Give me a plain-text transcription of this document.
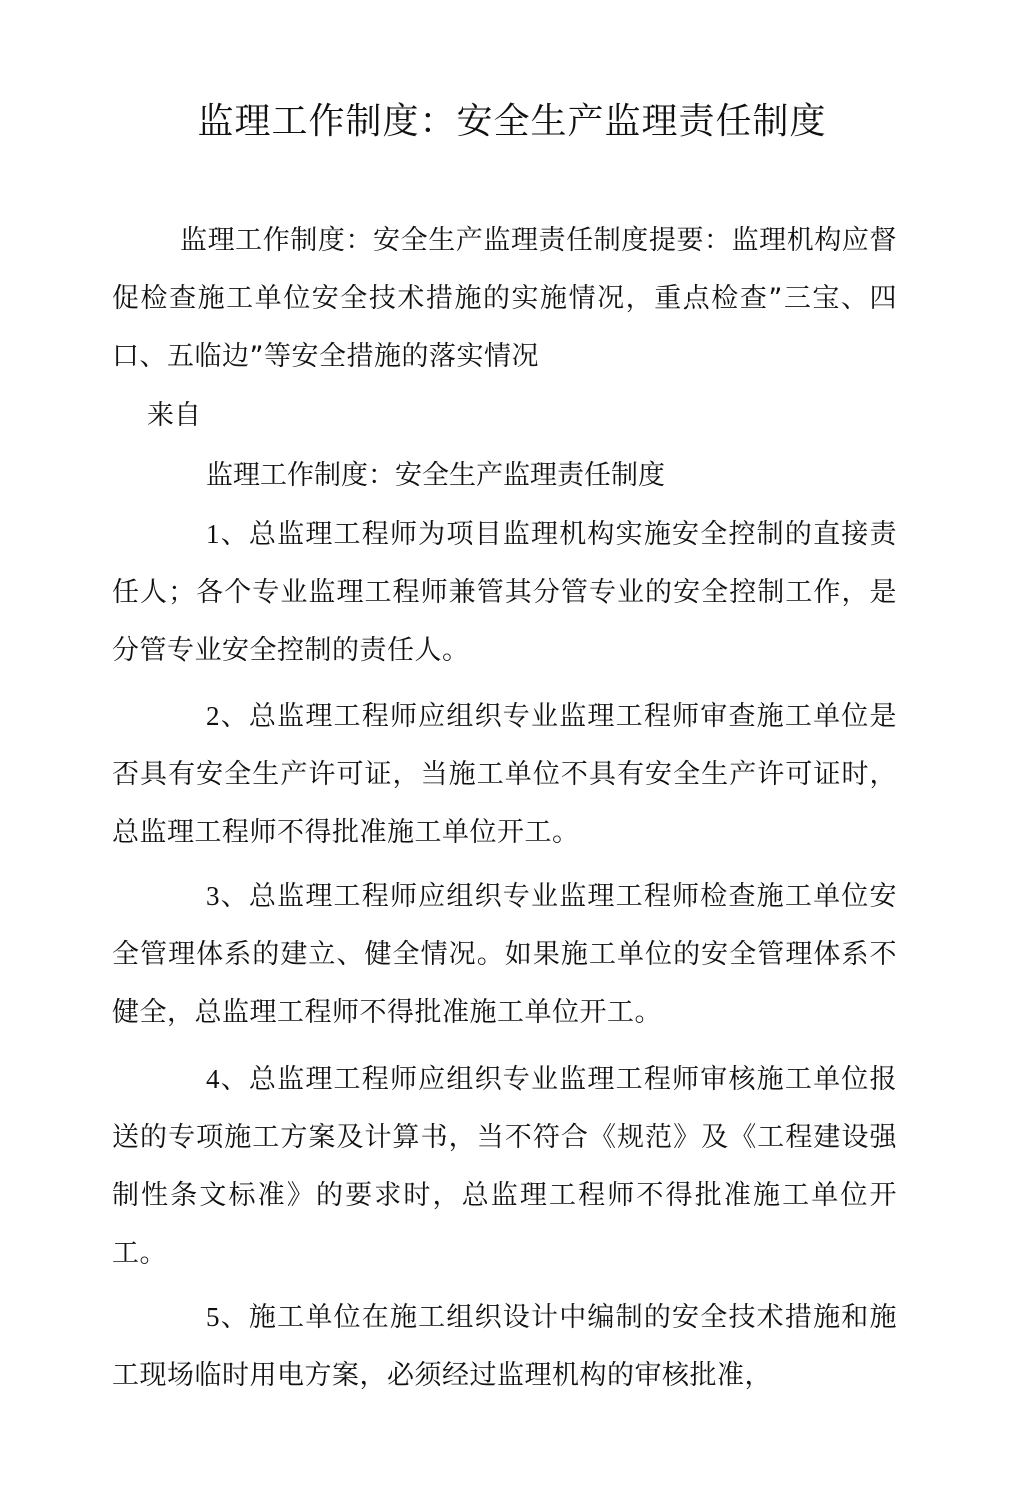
监理工作制度：安全生产监理责任制度

监理工作制度：安全生产监理责任制度提要：监理机构应督促检查施工单位安全技术措施的实施情况，重点检查”三宝、四口、五临边”等安全措施的落实情况

来自

监理工作制度：安全生产监理责任制度

1、总监理工程师为项目监理机构实施安全控制的直接责任人；各个专业监理工程师兼管其分管专业的安全控制工作，是分管专业安全控制的责任人。

2、总监理工程师应组织专业监理工程师审查施工单位是否具有安全生产许可证，当施工单位不具有安全生产许可证时，总监理工程师不得批准施工单位开工。

3、总监理工程师应组织专业监理工程师检查施工单位安全管理体系的建立、健全情况。如果施工单位的安全管理体系不健全，总监理工程师不得批准施工单位开工。

4、总监理工程师应组织专业监理工程师审核施工单位报送的专项施工方案及计算书，当不符合《规范》及《工程建设强制性条文标准》的要求时，总监理工程师不得批准施工单位开工。

5、施工单位在施工组织设计中编制的安全技术措施和施工现场临时用电方案，必须经过监理机构的审核批准，
